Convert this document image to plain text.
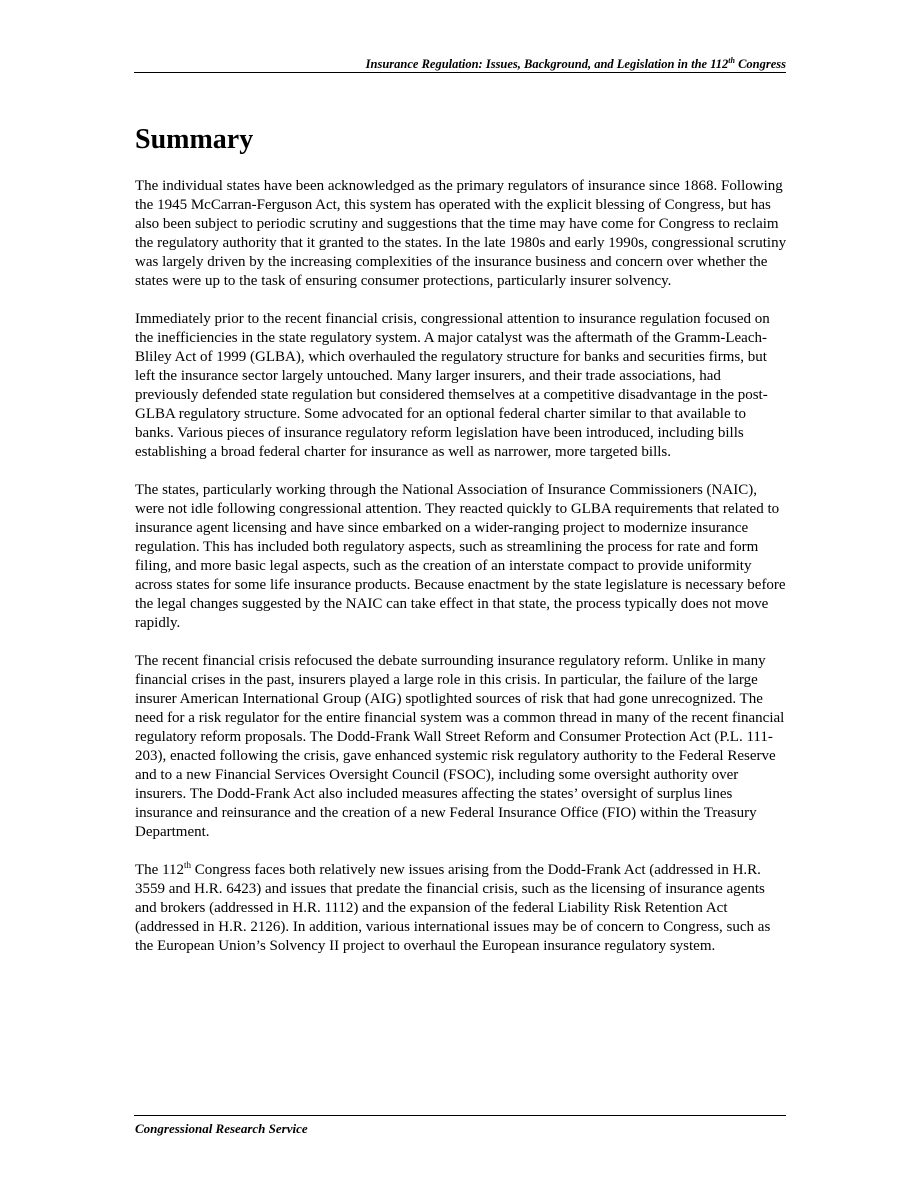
Insurance Regulation: Issues, Background, and Legislation in the 112th Congress
Summary

The individual states have been acknowledged as the primary regulators of insurance since 1868. Following the 1945 McCarran-Ferguson Act, this system has operated with the explicit blessing of Congress, but has also been subject to periodic scrutiny and suggestions that the time may have come for Congress to reclaim the regulatory authority that it granted to the states. In the late 1980s and early 1990s, congressional scrutiny was largely driven by the increasing complexities of the insurance business and concern over whether the states were up to the task of ensuring consumer protections, particularly insurer solvency.

Immediately prior to the recent financial crisis, congressional attention to insurance regulation focused on the inefficiencies in the state regulatory system. A major catalyst was the aftermath of the Gramm-Leach-Bliley Act of 1999 (GLBA), which overhauled the regulatory structure for banks and securities firms, but left the insurance sector largely untouched. Many larger insurers, and their trade associations, had previously defended state regulation but considered themselves at a competitive disadvantage in the post-GLBA regulatory structure. Some advocated for an optional federal charter similar to that available to banks. Various pieces of insurance regulatory reform legislation have been introduced, including bills establishing a broad federal charter for insurance as well as narrower, more targeted bills.

The states, particularly working through the National Association of Insurance Commissioners (NAIC), were not idle following congressional attention. They reacted quickly to GLBA requirements that related to insurance agent licensing and have since embarked on a wider-ranging project to modernize insurance regulation. This has included both regulatory aspects, such as streamlining the process for rate and form filing, and more basic legal aspects, such as the creation of an interstate compact to provide uniformity across states for some life insurance products. Because enactment by the state legislature is necessary before the legal changes suggested by the NAIC can take effect in that state, the process typically does not move rapidly.

The recent financial crisis refocused the debate surrounding insurance regulatory reform. Unlike in many financial crises in the past, insurers played a large role in this crisis. In particular, the failure of the large insurer American International Group (AIG) spotlighted sources of risk that had gone unrecognized. The need for a risk regulator for the entire financial system was a common thread in many of the recent financial regulatory reform proposals. The Dodd-Frank Wall Street Reform and Consumer Protection Act (P.L. 111-203), enacted following the crisis, gave enhanced systemic risk regulatory authority to the Federal Reserve and to a new Financial Services Oversight Council (FSOC), including some oversight authority over insurers. The Dodd-Frank Act also included measures affecting the states’ oversight of surplus lines insurance and reinsurance and the creation of a new Federal Insurance Office (FIO) within the Treasury Department.

The 112th Congress faces both relatively new issues arising from the Dodd-Frank Act (addressed in H.R. 3559 and H.R. 6423) and issues that predate the financial crisis, such as the licensing of insurance agents and brokers (addressed in H.R. 1112) and the expansion of the federal Liability Risk Retention Act (addressed in H.R. 2126). In addition, various international issues may be of concern to Congress, such as the European Union’s Solvency II project to overhaul the European insurance regulatory system.

Congressional Research Service
